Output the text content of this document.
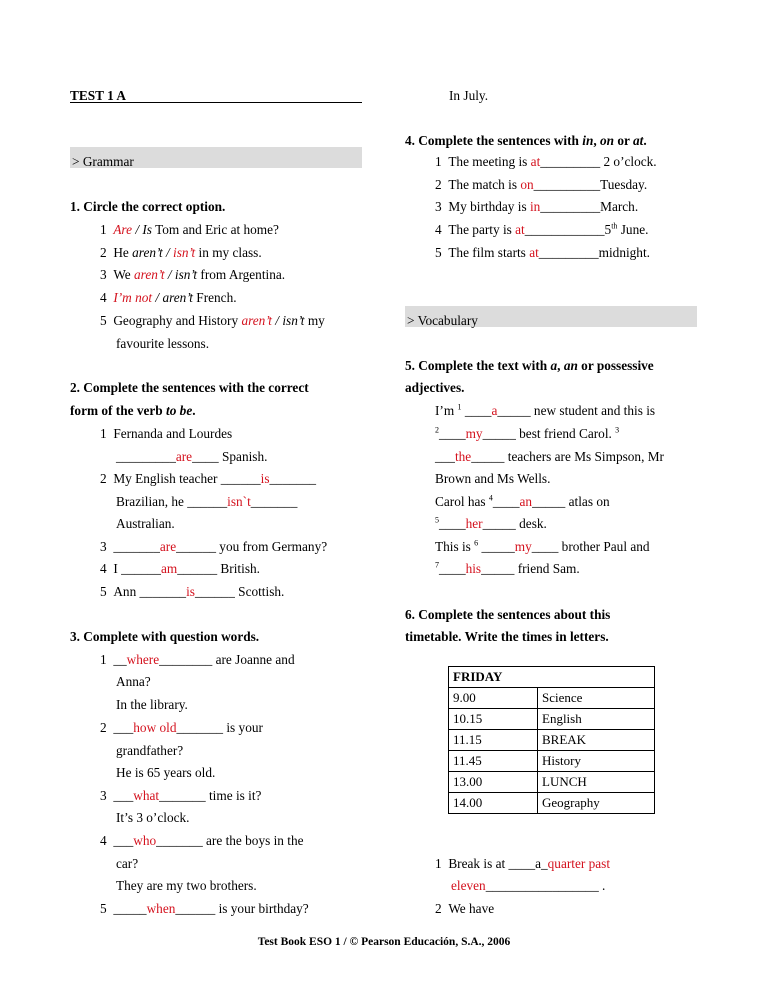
TEST 1 A
> Grammar
1. Circle the correct option.
1 Are / Is Tom and Eric at home?
2 He aren’t / isn’t in my class.
3 We aren’t / isn’t from Argentina.
4 I’m not / aren’t French.
5 Geography and History aren’t / isn’t my
favourite lessons.
2. Complete the sentences with the correct
form of the verb to be.
1 Fernanda and Lourdes
_________are____ Spanish.
2 My English teacher ______is_______
Brazilian, he ______isn`t_______
Australian.
3 _______are______ you from Germany?
4 I ______am______ British.
5 Ann _______is______ Scottish.
3. Complete with question words.
1 __where________ are Joanne and
Anna?
In the library.
2 ___how old_______ is your
grandfather?
He is 65 years old.
3 ___what_______ time is it?
It’s 3 o’clock.
4 ___who_______ are the boys in the
car?
They are my two brothers.
5 _____when______ is your birthday?
In July.
4. Complete the sentences with in, on or at.
1 The meeting is at_________ 2 o’clock.
2 The match is on__________Tuesday.
3 My birthday is in_________March.
4 The party is at____________5th June.
5 The film starts at_________midnight.
> Vocabulary
5. Complete the text with a, an or possessive
adjectives.
I’m $^1$ ____a_____ new student and this is
$^2$____my_____ best friend Carol. $^3$
___the_____ teachers are Ms Simpson, Mr
Brown and Ms Wells.
Carol has $^4$____an_____ atlas on
$^5$____her_____ desk.
This is $^6$ _____my____ brother Paul and
$^7$____his_____ friend Sam.
6. Complete the sentences about this
timetable. Write the times in letters.
FRIDAY	
9.00	Science
10.15	English
11.15	BREAK
11.45	History
13.00	LUNCH
14.00	Geography
1 Break is at ____a_quarter past
eleven_________________ .
2 We have
Test Book ESO 1 / © Pearson Educación, S.A., 2006
